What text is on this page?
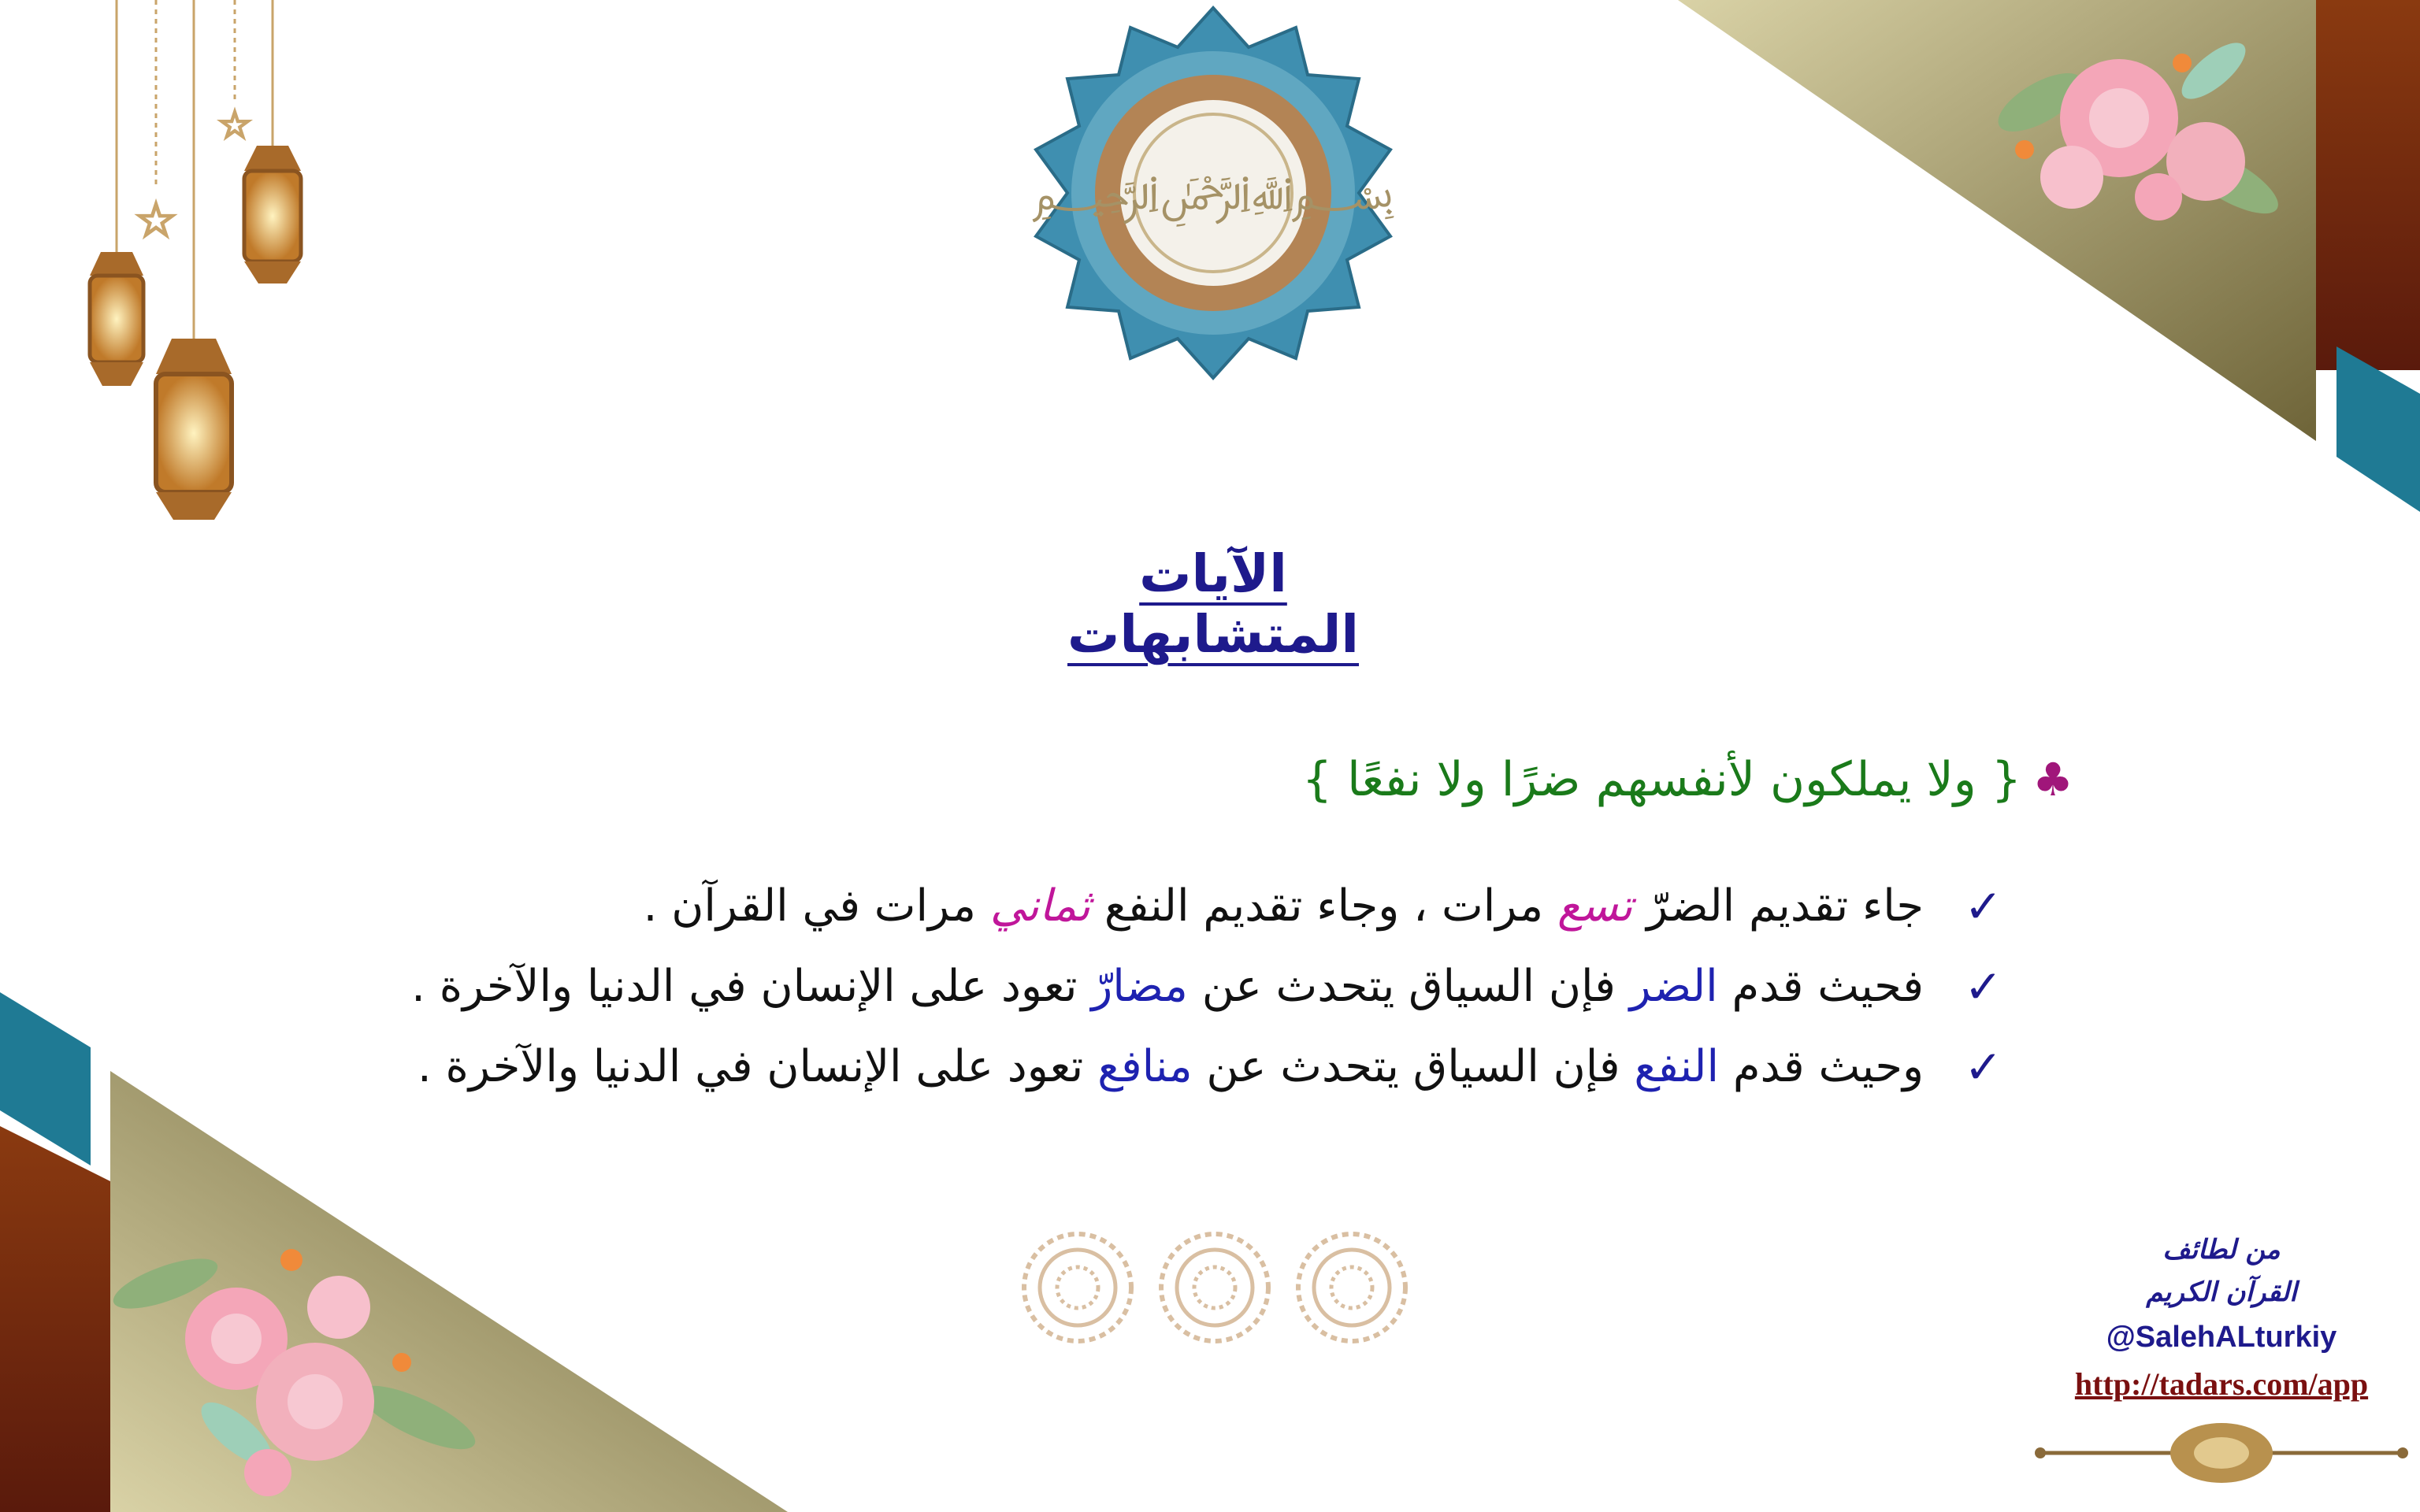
﷽
☆
☆
الآيات المتشابهات
♣{ ولا يملكون لأنفسهم ضرًا ولا نفعًا }
✓
جاء تقديم الضرّ تسع مرات ، وجاء تقديم النفع ثماني مرات في القرآن .
✓
فحيث قدم الضر فإن السياق يتحدث عن مضارّ تعود على الإنسان في الدنيا والآخرة .
✓
وحيث قدم النفع فإن السياق يتحدث عن منافع تعود على الإنسان في الدنيا والآخرة .
من لطائف
القرآن الكريم
@SalehALturkiy
http://tadars.com/app
